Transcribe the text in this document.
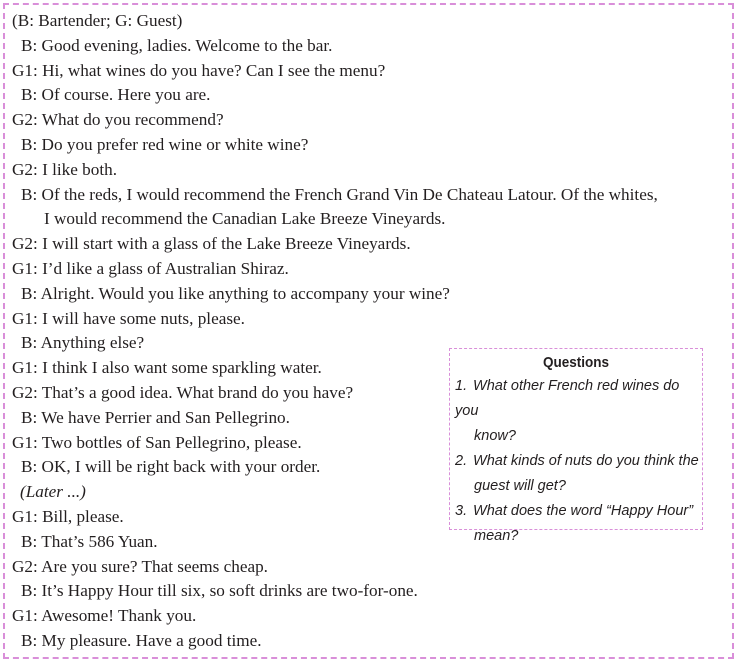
(B: Bartender; G: Guest)
B: Good evening, ladies. Welcome to the bar.
G1: Hi, what wines do you have? Can I see the menu?
B: Of course. Here you are.
G2: What do you recommend?
B: Do you prefer red wine or white wine?
G2: I like both.
B: Of the reds, I would recommend the French Grand Vin De Chateau Latour. Of the whites,
I would recommend the Canadian Lake Breeze Vineyards.
G2: I will start with a glass of the Lake Breeze Vineyards.
G1: I’d like a glass of Australian Shiraz.
B: Alright. Would you like anything to accompany your wine?
G1: I will have some nuts, please.
B: Anything else?
G1: I think I also want some sparkling water.
G2: That’s a good idea. What brand do you have?
B: We have Perrier and San Pellegrino.
G1: Two bottles of San Pellegrino, please.
B: OK, I will be right back with your order.
(Later ...)
G1: Bill, please.
B: That’s 586 Yuan.
G2: Are you sure? That seems cheap.
B: It’s Happy Hour till six, so soft drinks are two-for-one.
G1: Awesome! Thank you.
B: My pleasure. Have a good time.
Questions
1. What other French red wines do you
know?
2. What kinds of nuts do you think the
guest will get?
3. What does the word “Happy Hour”
mean?
